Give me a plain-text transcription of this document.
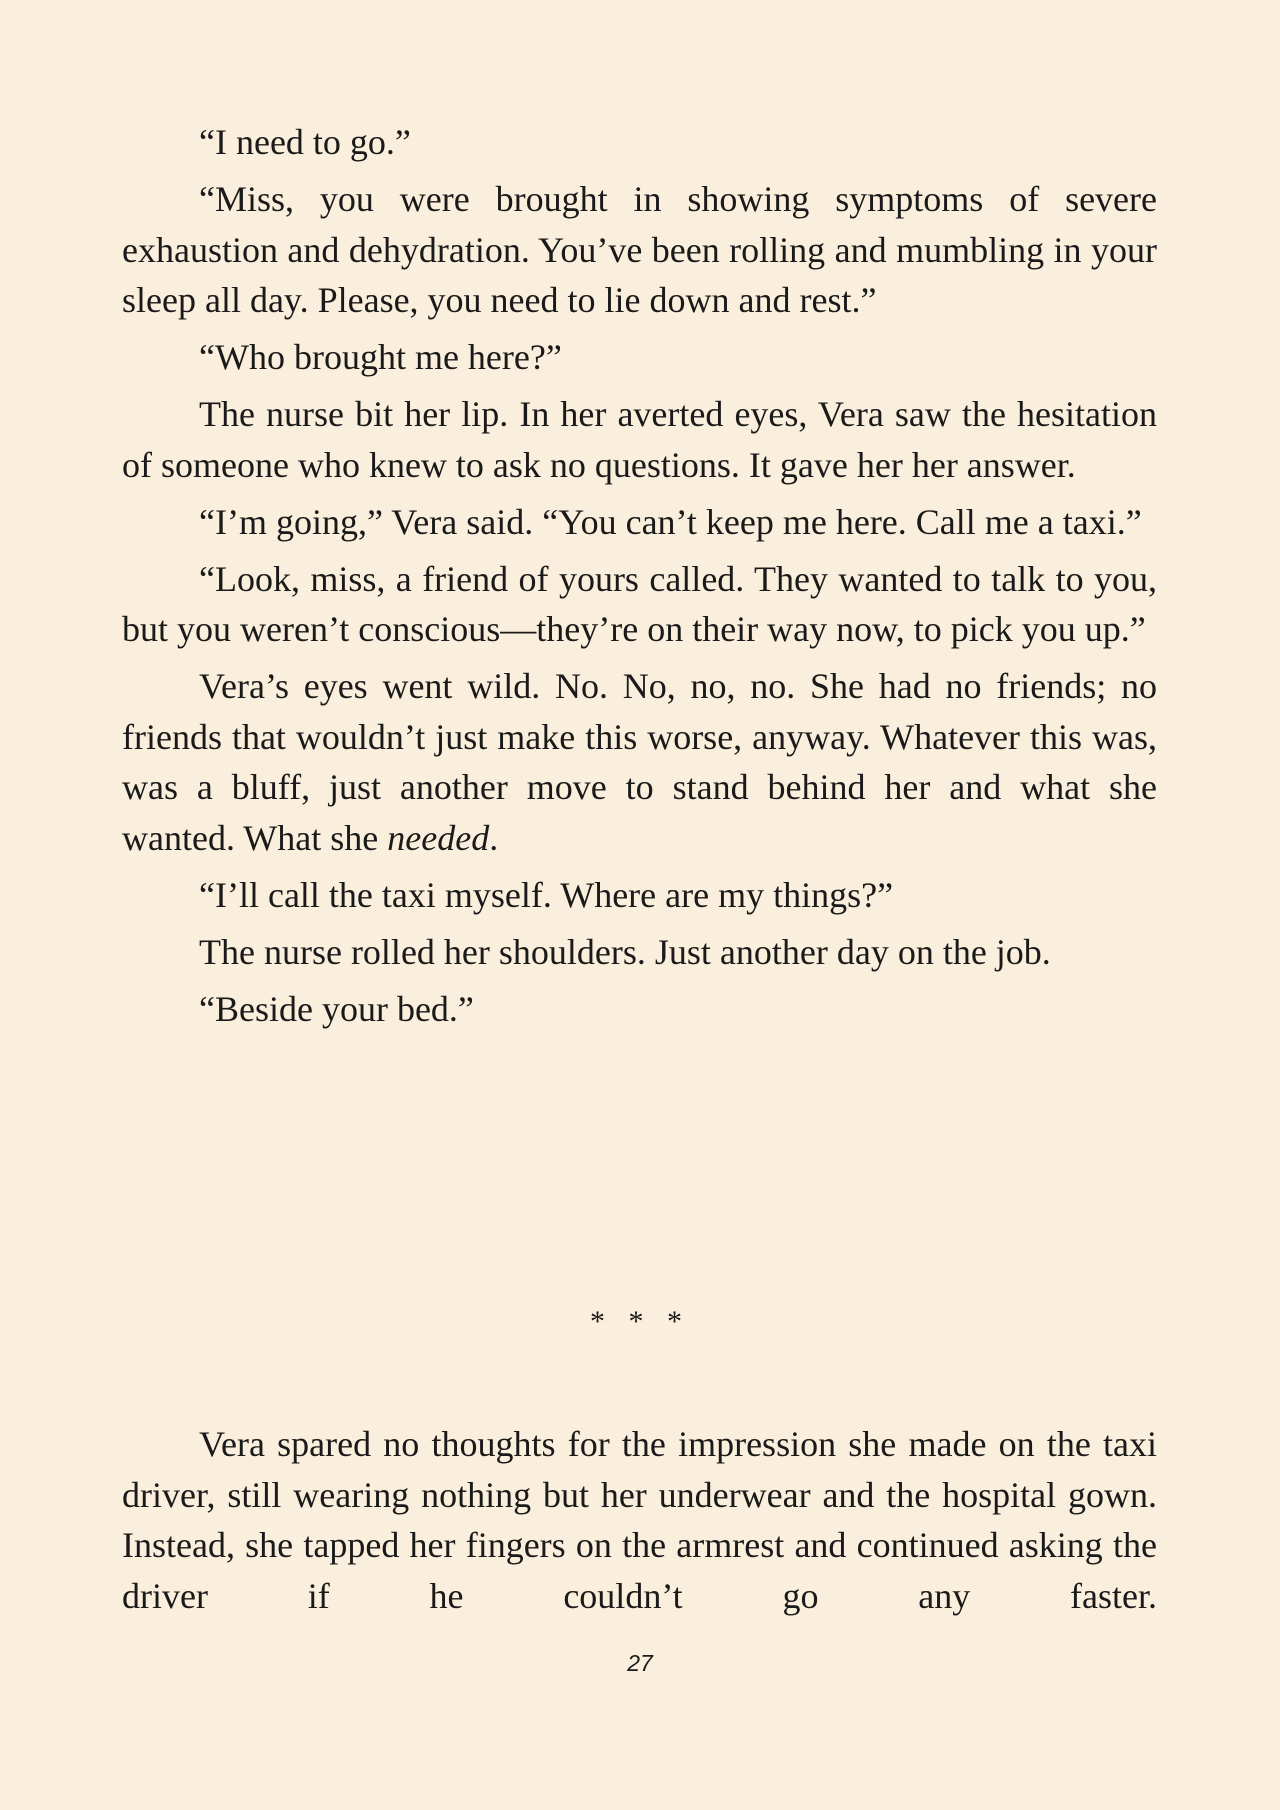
“I need to go.”

“Miss, you were brought in showing symptoms of severe exhaustion and dehydration. You’ve been rolling and mumbling in your sleep all day. Please, you need to lie down and rest.”

“Who brought me here?”

The nurse bit her lip. In her averted eyes, Vera saw the hesitation of someone who knew to ask no questions. It gave her her answer.

“I’m going,” Vera said. “You can’t keep me here. Call me a taxi.”

“Look, miss, a friend of yours called. They wanted to talk to you, but you weren’t conscious—they’re on their way now, to pick you up.”

Vera’s eyes went wild. No. No, no, no. She had no friends; no friends that wouldn’t just make this worse, anyway. Whatever this was, was a bluff, just another move to stand behind her and what she wanted. What she needed.

“I’ll call the taxi myself. Where are my things?”

The nurse rolled her shoulders. Just another day on the job.

“Beside your bed.”

* * *

Vera spared no thoughts for the impression she made on the taxi driver, still wearing nothing but her underwear and the hospital gown. Instead, she tapped her fingers on the armrest and continued asking the driver if he couldn’t go any faster.

27
